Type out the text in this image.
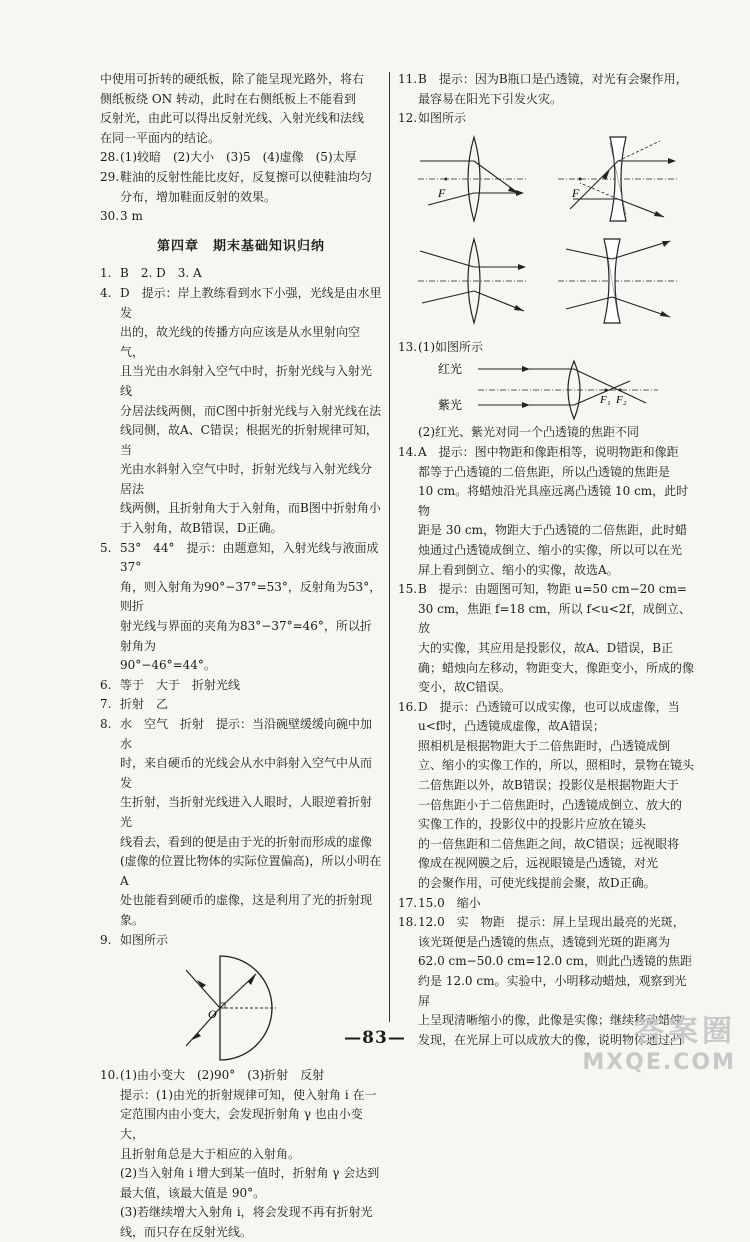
中使用可折转的硬纸板，除了能呈现光路外，将右
侧纸板绕 ON 转动，此时在右侧纸板上不能看到
反射光，由此可以得出反射光线、入射光线和法线
在同一平面内的结论。
28. (1)较暗　(2)大小　(3)5　(4)虚像　(5)太厚
29. 鞋油的反射性能比皮好，反复擦可以使鞋油均匀
分布，增加鞋面反射的效果。
30. 3 m
第四章　期末基础知识归纳
1. B　2. D　3. A
4. D　提示：岸上教练看到水下小强，光线是由水里发
出的，故光线的传播方向应该是从水里射向空气，
且当光由水斜射入空气中时，折射光线与入射光线
分居法线两侧，而C图中折射光线与入射光线在法
线同侧，故A、C错误；根据光的折射规律可知，当
光由水斜射入空气中时，折射光线与入射光线分居法
线两侧，且折射角大于入射角，而B图中折射角小
于入射角，故B错误，D正确。
5. 53°　44°　提示：由题意知，入射光线与液面成37°
角，则入射角为90°−37°=53°，反射角为53°，则折
射光线与界面的夹角为83°−37°=46°，所以折射角为
90°−46°=44°。
6. 等于　大于　折射光线
7. 折射　乙
8. 水　空气　折射　提示：当沿碗壁缓缓向碗中加水
时，来自硬币的光线会从水中斜射入空气中从而发
生折射，当折射光线进入人眼时，人眼逆着折射光
线看去，看到的便是由于光的折射而形成的虚像
(虚像的位置比物体的实际位置偏高)，所以小明在A
处也能看到硬币的虚像，这是利用了光的折射现象。
9. 如图所示
O
10. (1)由小变大　(2)90°　(3)折射　反射
提示：(1)由光的折射规律可知，使入射角 i 在一
定范围内由小变大，会发现折射角 γ 也由小变大，
且折射角总是大于相应的入射角。
(2)当入射角 i 增大到某一值时，折射角 γ 会达到
最大值，该最大值是 90°。
(3)若继续增大入射角 i，将会发现不再有折射光
线，而只存在反射光线。
11. B　提示：因为B瓶口是凸透镜，对光有会聚作用，
最容易在阳光下引发火灾。
12. 如图所示
F	F
13. (1)如图所示
红光
紫光	F₁ F₂
(2)红光、紫光对同一个凸透镜的焦距不同
14. A　提示：图中物距和像距相等，说明物距和像距
都等于凸透镜的二倍焦距，所以凸透镜的焦距是
10 cm。将蜡烛沿光具座远离凸透镜 10 cm，此时物
距是 30 cm，物距大于凸透镜的二倍焦距，此时蜡
烛通过凸透镜成倒立、缩小的实像，所以可以在光
屏上看到倒立、缩小的实像，故选A。
15. B　提示：由题图可知，物距 u=50 cm−20 cm=
30 cm，焦距 f=18 cm，所以 f<u<2f，成倒立、放
大的实像，其应用是投影仪，故A、D错误，B正
确；蜡烛向左移动，物距变大，像距变小，所成的像
变小，故C错误。
16. D　提示：凸透镜可以成实像，也可以成虚像，当
u<f时，凸透镜成虚像，故A错误；
照相机是根据物距大于二倍焦距时，凸透镜成倒
立、缩小的实像工作的，所以，照相时，景物在镜头
二倍焦距以外，故B错误；投影仪是根据物距大于
一倍焦距小于二倍焦距时，凸透镜成倒立、放大的
实像工作的，投影仪中的投影片应放在镜头
的一倍焦距和二倍焦距之间，故C错误；远视眼将
像成在视网膜之后，远视眼镜是凸透镜，对光
的会聚作用，可使光线提前会聚，故D正确。
17. 15.0　缩小
18. 12.0　实　物距　提示：屏上呈现出最亮的光斑，
该光斑便是凸透镜的焦点，透镜到光斑的距离为
62.0 cm−50.0 cm=12.0 cm，则此凸透镜的焦距
约是 12.0 cm。实验中，小明移动蜡烛，观察到光屏
上呈现清晰缩小的像，此像是实像；继续移动蜡烛
发现，在光屏上可以成放大的像，说明物体通过凸
—83—	答案圈
MXQE.COM
